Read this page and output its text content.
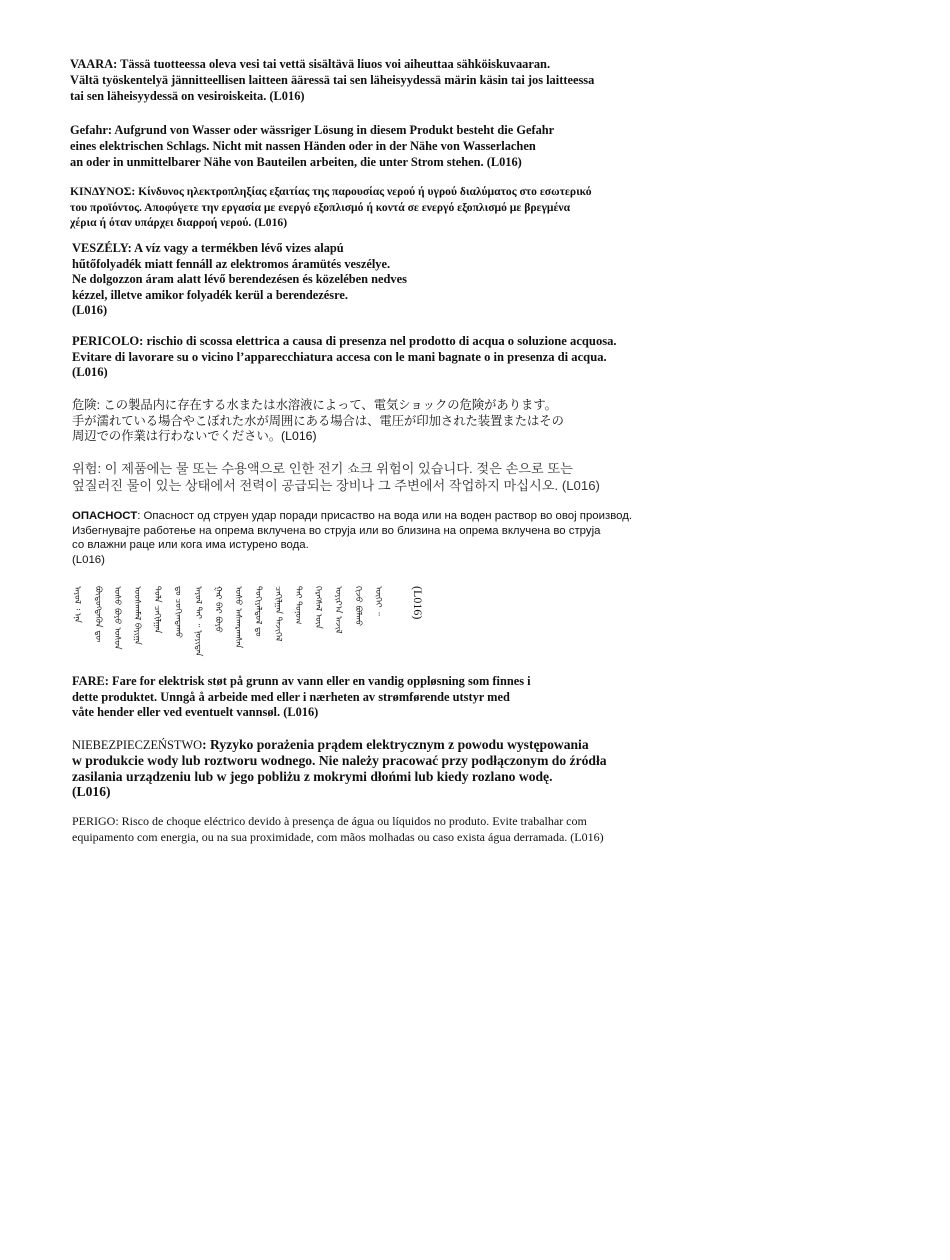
VAARA: Tässä tuotteessa oleva vesi tai vettä sisältävä liuos voi aiheuttaa sähköiskuvaaran.
Vältä työskentelyä jännitteellisen laitteen ääressä tai sen läheisyydessä märin käsin tai jos laitteessa
tai sen läheisyydessä on vesiroiskeita. (L016)
Gefahr: Aufgrund von Wasser oder wässriger Lösung in diesem Produkt besteht die Gefahr
eines elektrischen Schlags. Nicht mit nassen Händen oder in der Nähe von Wasserlachen
an oder in unmittelbarer Nähe von Bauteilen arbeiten, die unter Strom stehen. (L016)
ΚΙΝΔΥΝΟΣ: Κίνδυνος ηλεκτροπληξίας εξαιτίας της παρουσίας νερού ή υγρού διαλύματος στο εσωτερικό
του προϊόντος. Αποφύγετε την εργασία με ενεργό εξοπλισμό ή κοντά σε ενεργό εξοπλισμό με βρεγμένα
χέρια ή όταν υπάρχει διαρροή νερού. (L016)
VESZÉLY: A víz vagy a termékben lévő vizes alapú
hűtőfolyadék miatt fennáll az elektromos áramütés veszélye.
Ne dolgozzon áram alatt lévő berendezésen és közelében nedves
kézzel, illetve amikor folyadék kerül a berendezésre.
(L016)
PERICOLO: rischio di scossa elettrica a causa di presenza nel prodotto di acqua o soluzione acquosa.
Evitare di lavorare su o vicino l’apparecchiatura accesa con le mani bagnate o in presenza di acqua.
(L016)
危険: この製品内に存在する水または水溶液によって、電気ショックの危険があります。
手が濡れている場合やこぼれた水が周囲にある場合は、電圧が印加された装置またはその
周辺での作業は行わないでください。(L016)
위험: 이 제품에는 물 또는 수용액으로 인한 전기 쇼크 위험이 있습니다. 젖은 손으로 또는
엎질러진 물이 있는 상태에서 전력이 공급되는 장비나 그 주변에서 작업하지 마십시오. (L016)
ОПАСНОСТ: Опасност од струен удар поради присаство на вода или на воден раствор во овој производ.
Избегнувајте работење на опрема вклучена во струја или во близина на опрема вклучена во струја
со влажни раце или кога има истурено вода.
(L016)
ᠠᠶᠤᠯ ᠄ ᠡᠨᠡ ᠪᠦᠲᠦᠭᠳᠡᠬᠦᠨ ᠳᠦ ᠤᠰᠤ ᠪᠤᠶᠤ ᠤᠰᠤᠨ ᠤᠤᠰᠬᠠᠮᠠᠯ ᠪᠠᠶᠢᠭᠠ ᠲᠤᠯᠠ ᠴᠠᠬᠢᠯᠭᠠᠨ ᠳᠤ ᠴᠣᠬᠢᠭᠳᠠᠬᠤ ᠠᠶᠤᠯ ᠲᠠᠢ ᠃ ᠨᠣᠶᠢᠲᠠᠨ ᠭᠠᠷ ᠪᠡᠷ ᠪᠤᠶᠤ ᠤᠰᠤ ᠠᠰᠭᠠᠷᠠᠭᠰᠠᠨ ᠲᠣᠬᠢᠶᠠᠯᠳᠤᠯ ᠳᠤ ᠴᠠᠬᠢᠯᠭᠠᠨ ᠲᠡᠵᠢᠭᠡᠯ ᠲᠠᠢ ᠲᠣᠨᠣᠭ ᠬᠡᠷᠡᠭᠰᠡᠯ ᠦᠨ ᠣᠶᠢᠷ᠎ᠠ ᠠᠵᠢᠯ ᠬᠢᠵᠦ ᠪᠣᠯᠬᠤ ᠦᠭᠡᠢ ᠃ (L016)
FARE: Fare for elektrisk støt på grunn av vann eller en vandig oppløsning som finnes i
dette produktet. Unngå å arbeide med eller i nærheten av strømførende utstyr med
våte hender eller ved eventuelt vannsøl. (L016)
NIEBEZPIECZEŃSTWO: Ryzyko porażenia prądem elektrycznym z powodu występowania
w produkcie wody lub roztworu wodnego. Nie należy pracować przy podłączonym do źródła
zasilania urządzeniu lub w jego pobliżu z mokrymi dłońmi lub kiedy rozlano wodę.
(L016)
PERIGO: Risco de choque eléctrico devido à presença de água ou líquidos no produto. Evite trabalhar com
equipamento com energia, ou na sua proximidade, com mãos molhadas ou caso exista água derramada. (L016)
